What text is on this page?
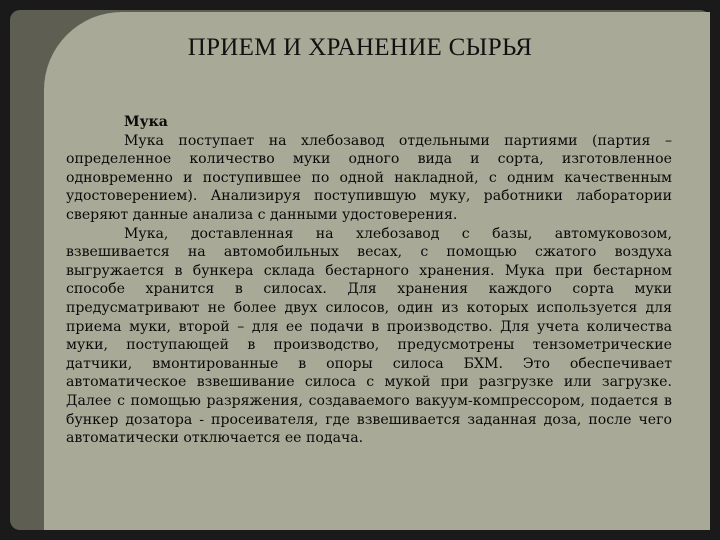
ПРИЕМ И ХРАНЕНИЕ СЫРЬЯ
Мука

Мука поступает на хлебозавод отдельными партиями (партия – определенное количество муки одного вида и сорта, изготовленное одновременно и поступившее по одной накладной, с одним качественным удостоверением). Анализируя поступившую муку, работники лаборатории сверяют данные анализа с данными удостоверения.

Мука, доставленная на хлебозавод с базы, автомуковозом, взвешивается на автомобильных весах, с помощью сжатого воздуха выгружается в бункера склада бестарного хранения. Мука при бестарном способе хранится в силосах. Для хранения каждого сорта муки предусматривают не более двух силосов, один из которых используется для приема муки, второй – для ее подачи в производство. Для учета количества муки, поступающей в производство, предусмотрены тензометрические датчики, вмонтированные в опоры силоса БХМ. Это обеспечивает автоматическое взвешивание силоса с мукой при разгрузке или загрузке. Далее с помощью разряжения, создаваемого вакуум-компрессором, подается в бункер дозатора - просеивателя, где взвешивается заданная доза, после чего автоматически отключается ее подача.
